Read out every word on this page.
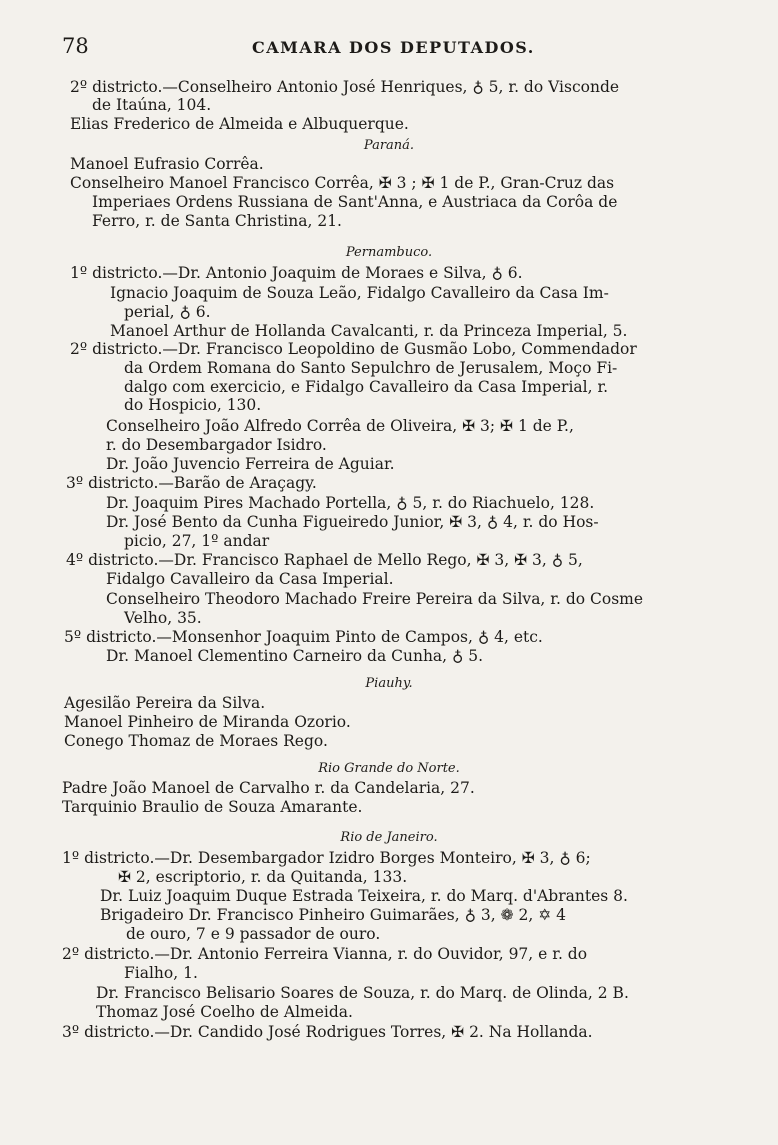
78	CAMARA DOS DEPUTADOS.
Paraná.
Pernambuco.
Piauhy.
Rio Grande do Norte.
Rio de Janeiro.
2º districto.—Conselheiro Antonio José Henriques, ♁ 5, r. do Visconde
de Itaúna, 104.
Elias Frederico de Almeida e Albuquerque.
Manoel Eufrasio Corrêa.
Conselheiro Manoel Francisco Corrêa, ✠ 3 ; ✠ 1 de P., Gran-Cruz das
Imperiaes Ordens Russiana de Sant'Anna, e Austriaca da Corôa de
Ferro, r. de Santa Christina, 21.
1º districto.—Dr. Antonio Joaquim de Moraes e Silva, ♁ 6.
Ignacio Joaquim de Souza Leão, Fidalgo Cavalleiro da Casa Im-
perial, ♁ 6.
Manoel Arthur de Hollanda Cavalcanti, r. da Princeza Imperial, 5.
2º districto.—Dr. Francisco Leopoldino de Gusmão Lobo, Commendador
da Ordem Romana do Santo Sepulchro de Jerusalem, Moço Fi-
dalgo com exercicio, e Fidalgo Cavalleiro da Casa Imperial, r.
do Hospicio, 130.
Conselheiro João Alfredo Corrêa de Oliveira, ✠ 3; ✠ 1 de P.,
r. do Desembargador Isidro.
Dr. João Juvencio Ferreira de Aguiar.
3º districto.—Barão de Araçagy.
Dr. Joaquim Pires Machado Portella, ♁ 5, r. do Riachuelo, 128.
Dr. José Bento da Cunha Figueiredo Junior, ✠ 3, ♁ 4, r. do Hos-
picio, 27, 1º andar
4º districto.—Dr. Francisco Raphael de Mello Rego, ✠ 3, ✠ 3, ♁ 5,
Fidalgo Cavalleiro da Casa Imperial.
Conselheiro Theodoro Machado Freire Pereira da Silva, r. do Cosme
Velho, 35.
5º districto.—Monsenhor Joaquim Pinto de Campos, ♁ 4, etc.
Dr. Manoel Clementino Carneiro da Cunha, ♁ 5.
Agesilão Pereira da Silva.
Manoel Pinheiro de Miranda Ozorio.
Conego Thomaz de Moraes Rego.
Padre João Manoel de Carvalho r. da Candelaria, 27.
Tarquinio Braulio de Souza Amarante.
1º districto.—Dr. Desembargador Izidro Borges Monteiro, ✠ 3, ♁ 6;
✠ 2, escriptorio, r. da Quitanda, 133.
Dr. Luiz Joaquim Duque Estrada Teixeira, r. do Marq. d'Abrantes 8.
Brigadeiro Dr. Francisco Pinheiro Guimarães, ♁ 3, ❁ 2, ✡ 4
de ouro, 7 e 9 passador de ouro.
2º districto.—Dr. Antonio Ferreira Vianna, r. do Ouvidor, 97, e r. do
Fialho, 1.
Dr. Francisco Belisario Soares de Souza, r. do Marq. de Olinda, 2 B.
Thomaz José Coelho de Almeida.
3º districto.—Dr. Candido José Rodrigues Torres, ✠ 2. Na Hollanda.
